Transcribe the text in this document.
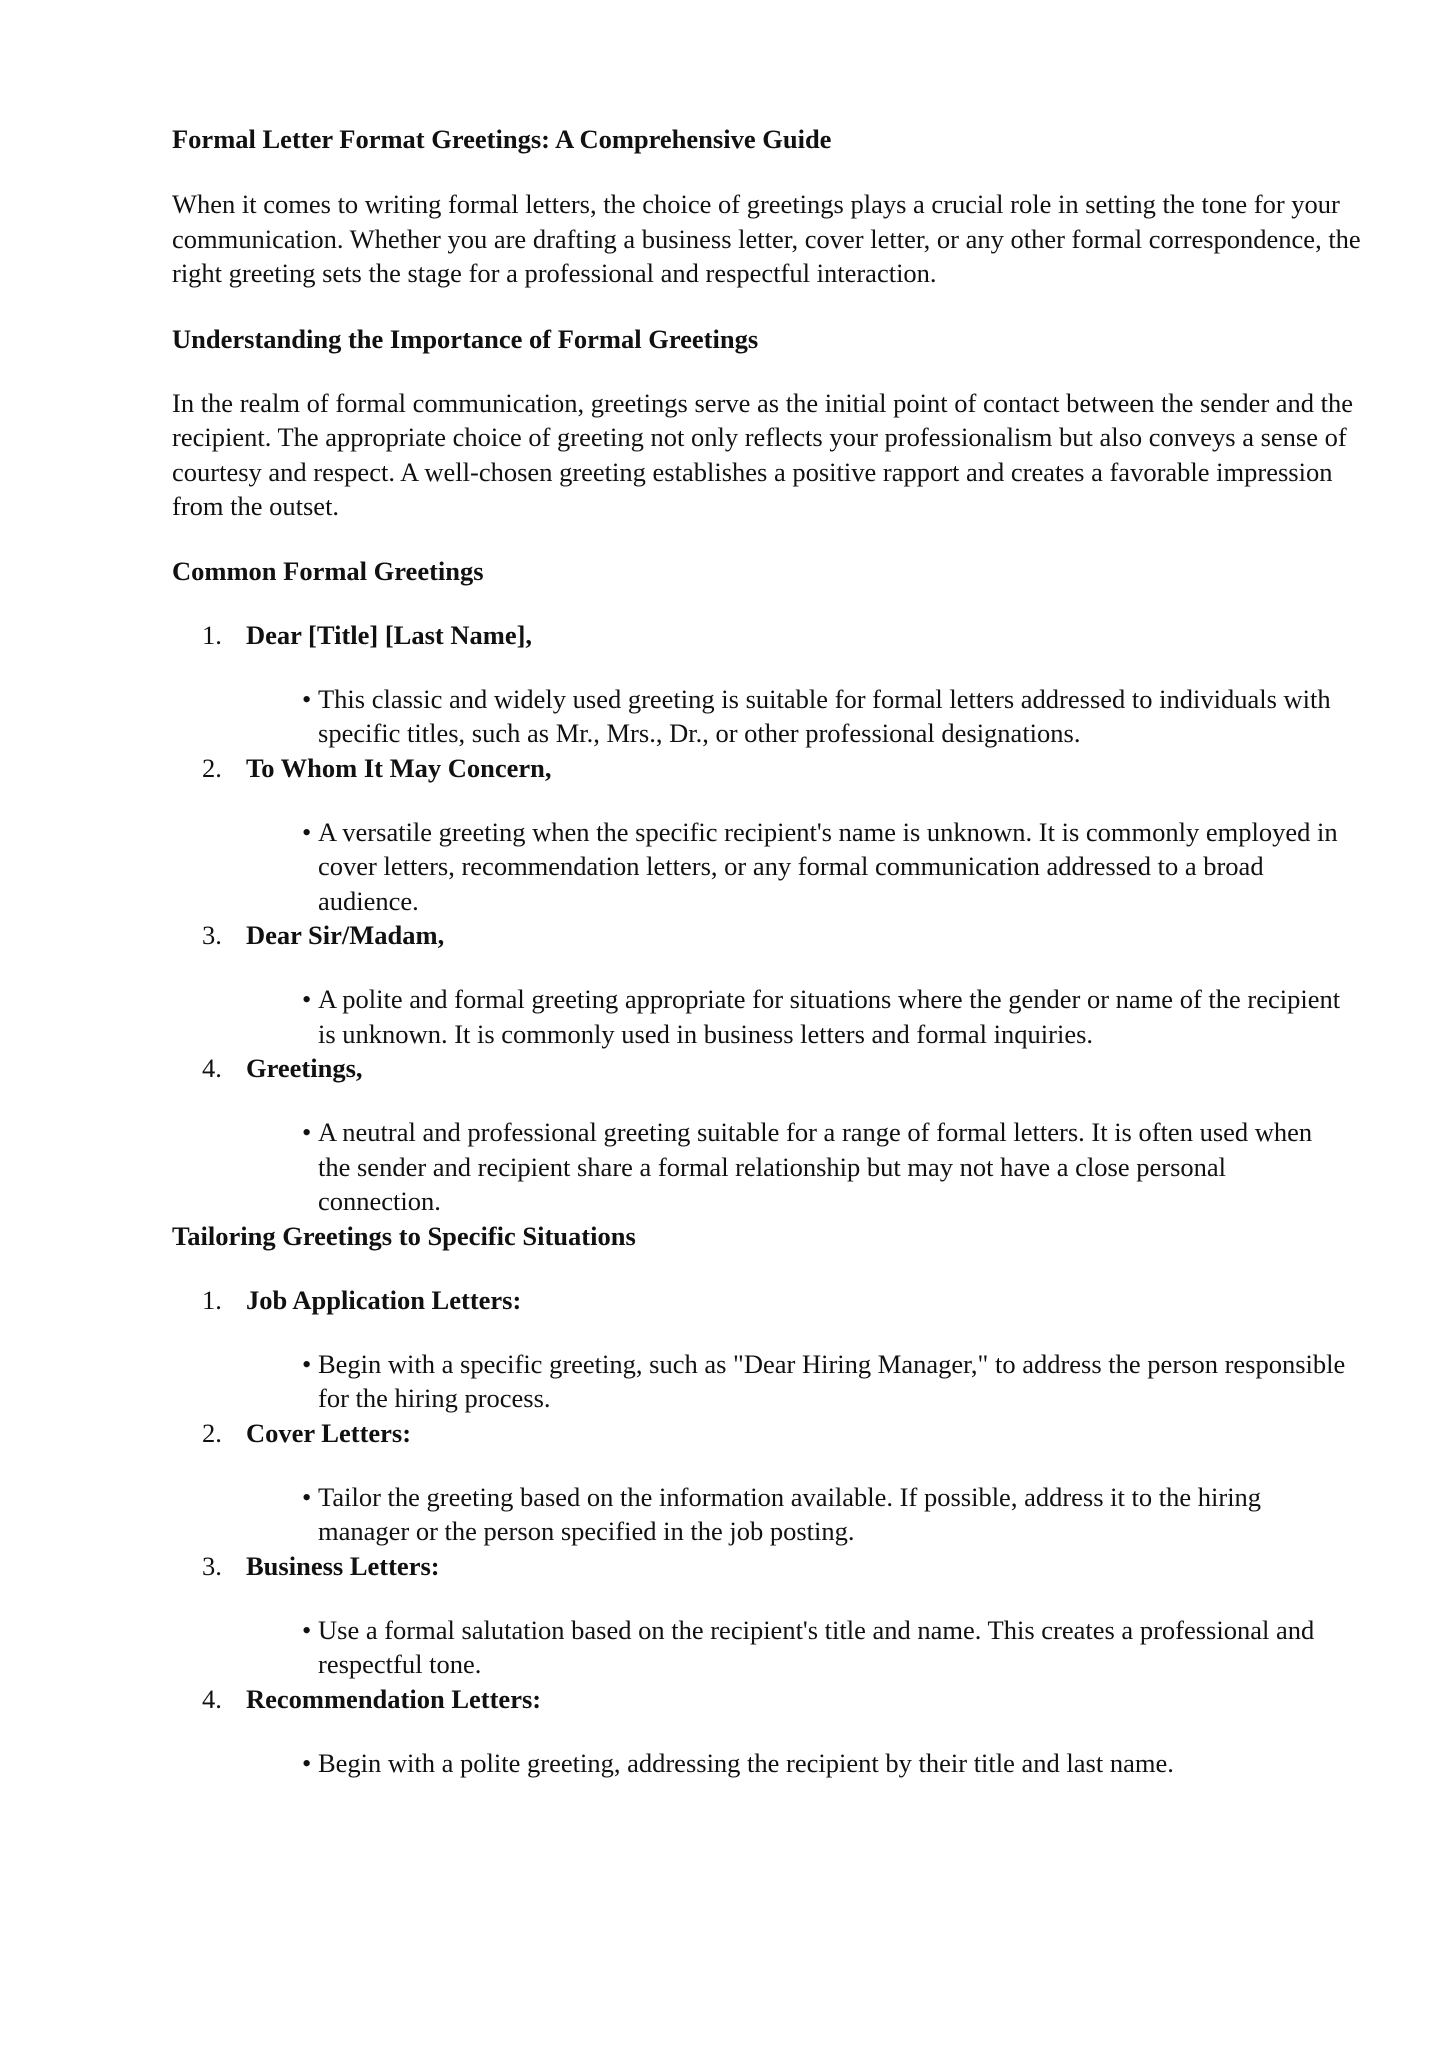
Formal Letter Format Greetings: A Comprehensive Guide

When it comes to writing formal letters, the choice of greetings plays a crucial role in setting the tone for your communication. Whether you are drafting a business letter, cover letter, or any other formal correspondence, the right greeting sets the stage for a professional and respectful interaction.

Understanding the Importance of Formal Greetings

In the realm of formal communication, greetings serve as the initial point of contact between the sender and the recipient. The appropriate choice of greeting not only reflects your professionalism but also conveys a sense of courtesy and respect. A well-chosen greeting establishes a positive rapport and creates a favorable impression from the outset.

Common Formal Greetings

1. Dear [Title] [Last Name],
• This classic and widely used greeting is suitable for formal letters addressed to individuals with specific titles, such as Mr., Mrs., Dr., or other professional designations.
2. To Whom It May Concern,
• A versatile greeting when the specific recipient's name is unknown. It is commonly employed in cover letters, recommendation letters, or any formal communication addressed to a broad audience.
3. Dear Sir/Madam,
• A polite and formal greeting appropriate for situations where the gender or name of the recipient is unknown. It is commonly used in business letters and formal inquiries.
4. Greetings,
• A neutral and professional greeting suitable for a range of formal letters. It is often used when the sender and recipient share a formal relationship but may not have a close personal connection.

Tailoring Greetings to Specific Situations

1. Job Application Letters:
• Begin with a specific greeting, such as "Dear Hiring Manager," to address the person responsible for the hiring process.
2. Cover Letters:
• Tailor the greeting based on the information available. If possible, address it to the hiring manager or the person specified in the job posting.
3. Business Letters:
• Use a formal salutation based on the recipient's title and name. This creates a professional and respectful tone.
4. Recommendation Letters:
• Begin with a polite greeting, addressing the recipient by their title and last name.
